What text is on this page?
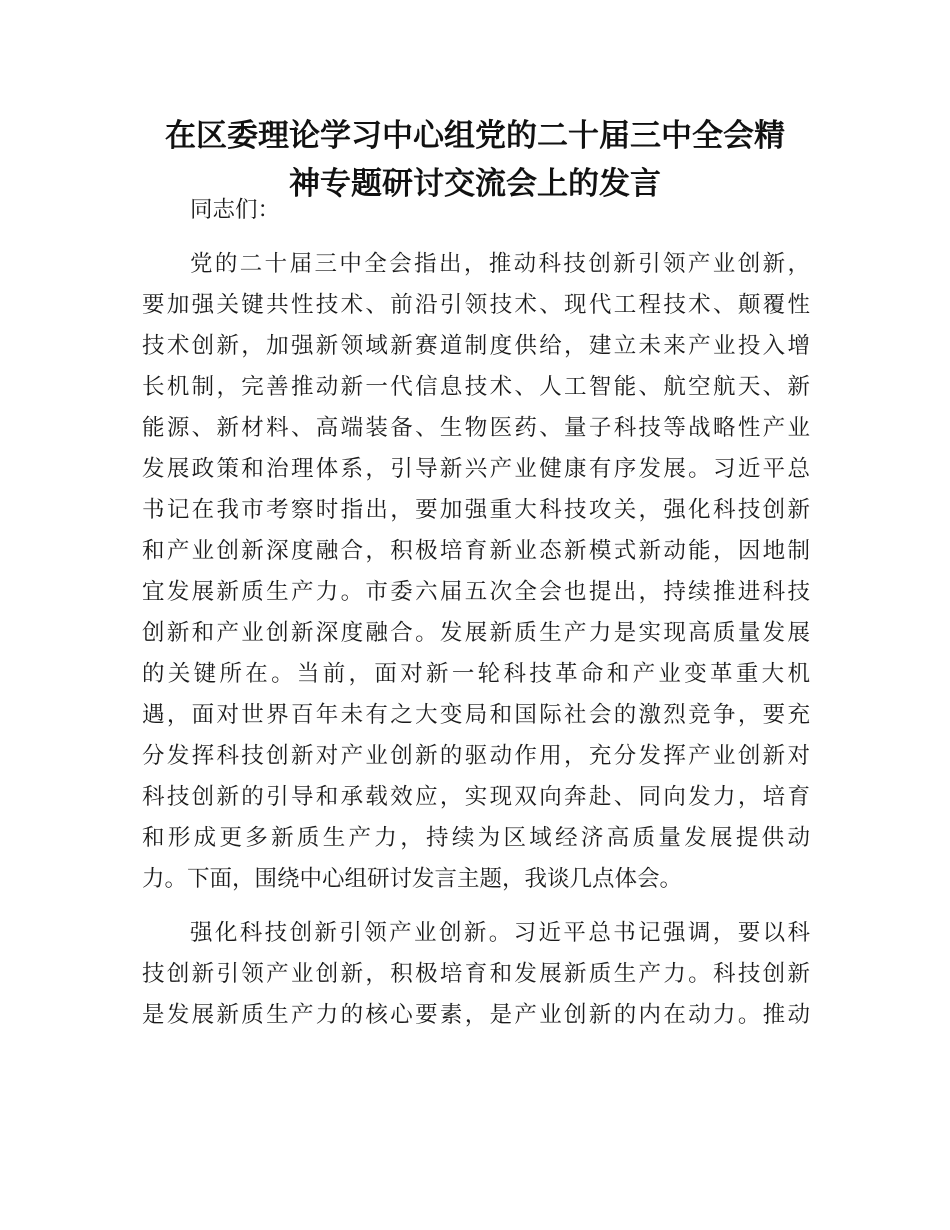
在区委理论学习中心组党的二十届三中全会精
神专题研讨交流会上的发言
同志们：
党的二十届三中全会指出，推动科技创新引领产业创新，
要加强关键共性技术、前沿引领技术、现代工程技术、颠覆性
技术创新，加强新领域新赛道制度供给，建立未来产业投入增
长机制，完善推动新一代信息技术、人工智能、航空航天、新
能源、新材料、高端装备、生物医药、量子科技等战略性产业
发展政策和治理体系，引导新兴产业健康有序发展。习近平总
书记在我市考察时指出，要加强重大科技攻关，强化科技创新
和产业创新深度融合，积极培育新业态新模式新动能，因地制
宜发展新质生产力。市委六届五次全会也提出，持续推进科技
创新和产业创新深度融合。发展新质生产力是实现高质量发展
的关键所在。当前，面对新一轮科技革命和产业变革重大机
遇，面对世界百年未有之大变局和国际社会的激烈竞争，要充
分发挥科技创新对产业创新的驱动作用，充分发挥产业创新对
科技创新的引导和承载效应，实现双向奔赴、同向发力，培育
和形成更多新质生产力，持续为区域经济高质量发展提供动
力。下面，围绕中心组研讨发言主题，我谈几点体会。
强化科技创新引领产业创新。习近平总书记强调，要以科
技创新引领产业创新，积极培育和发展新质生产力。科技创新
是发展新质生产力的核心要素，是产业创新的内在动力。推动
